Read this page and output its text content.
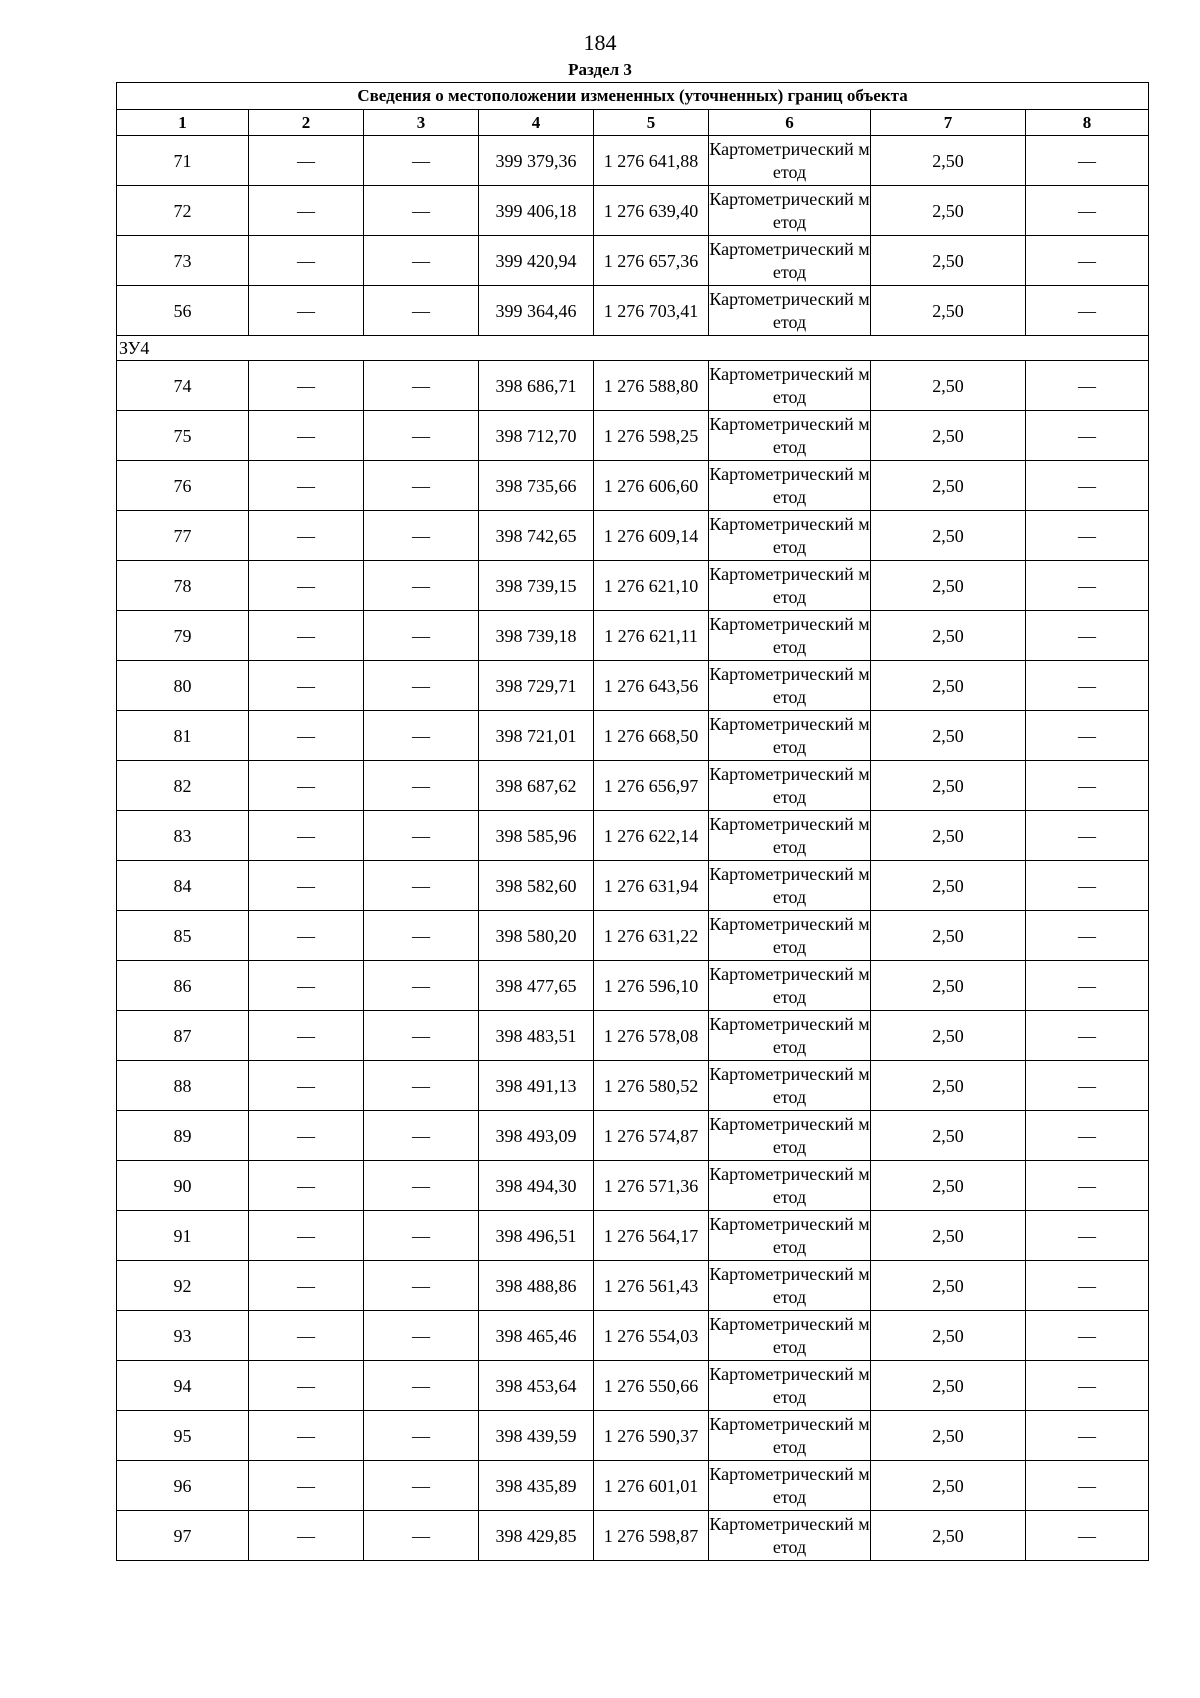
184
Раздел 3
Сведения о местоположении измененных (уточненных) границ объекта							
1	2	3	4	5	6	7	8
71	—	—	399 379,36	1 276 641,88	Картометрический метод	2,50	—
72	—	—	399 406,18	1 276 639,40	Картометрический метод	2,50	—
73	—	—	399 420,94	1 276 657,36	Картометрический метод	2,50	—
56	—	—	399 364,46	1 276 703,41	Картометрический метод	2,50	—
ЗУ4							
74	—	—	398 686,71	1 276 588,80	Картометрический метод	2,50	—
75	—	—	398 712,70	1 276 598,25	Картометрический метод	2,50	—
76	—	—	398 735,66	1 276 606,60	Картометрический метод	2,50	—
77	—	—	398 742,65	1 276 609,14	Картометрический метод	2,50	—
78	—	—	398 739,15	1 276 621,10	Картометрический метод	2,50	—
79	—	—	398 739,18	1 276 621,11	Картометрический метод	2,50	—
80	—	—	398 729,71	1 276 643,56	Картометрический метод	2,50	—
81	—	—	398 721,01	1 276 668,50	Картометрический метод	2,50	—
82	—	—	398 687,62	1 276 656,97	Картометрический метод	2,50	—
83	—	—	398 585,96	1 276 622,14	Картометрический метод	2,50	—
84	—	—	398 582,60	1 276 631,94	Картометрический метод	2,50	—
85	—	—	398 580,20	1 276 631,22	Картометрический метод	2,50	—
86	—	—	398 477,65	1 276 596,10	Картометрический метод	2,50	—
87	—	—	398 483,51	1 276 578,08	Картометрический метод	2,50	—
88	—	—	398 491,13	1 276 580,52	Картометрический метод	2,50	—
89	—	—	398 493,09	1 276 574,87	Картометрический метод	2,50	—
90	—	—	398 494,30	1 276 571,36	Картометрический метод	2,50	—
91	—	—	398 496,51	1 276 564,17	Картометрический метод	2,50	—
92	—	—	398 488,86	1 276 561,43	Картометрический метод	2,50	—
93	—	—	398 465,46	1 276 554,03	Картометрический метод	2,50	—
94	—	—	398 453,64	1 276 550,66	Картометрический метод	2,50	—
95	—	—	398 439,59	1 276 590,37	Картометрический метод	2,50	—
96	—	—	398 435,89	1 276 601,01	Картометрический метод	2,50	—
97	—	—	398 429,85	1 276 598,87	Картометрический метод	2,50	—
